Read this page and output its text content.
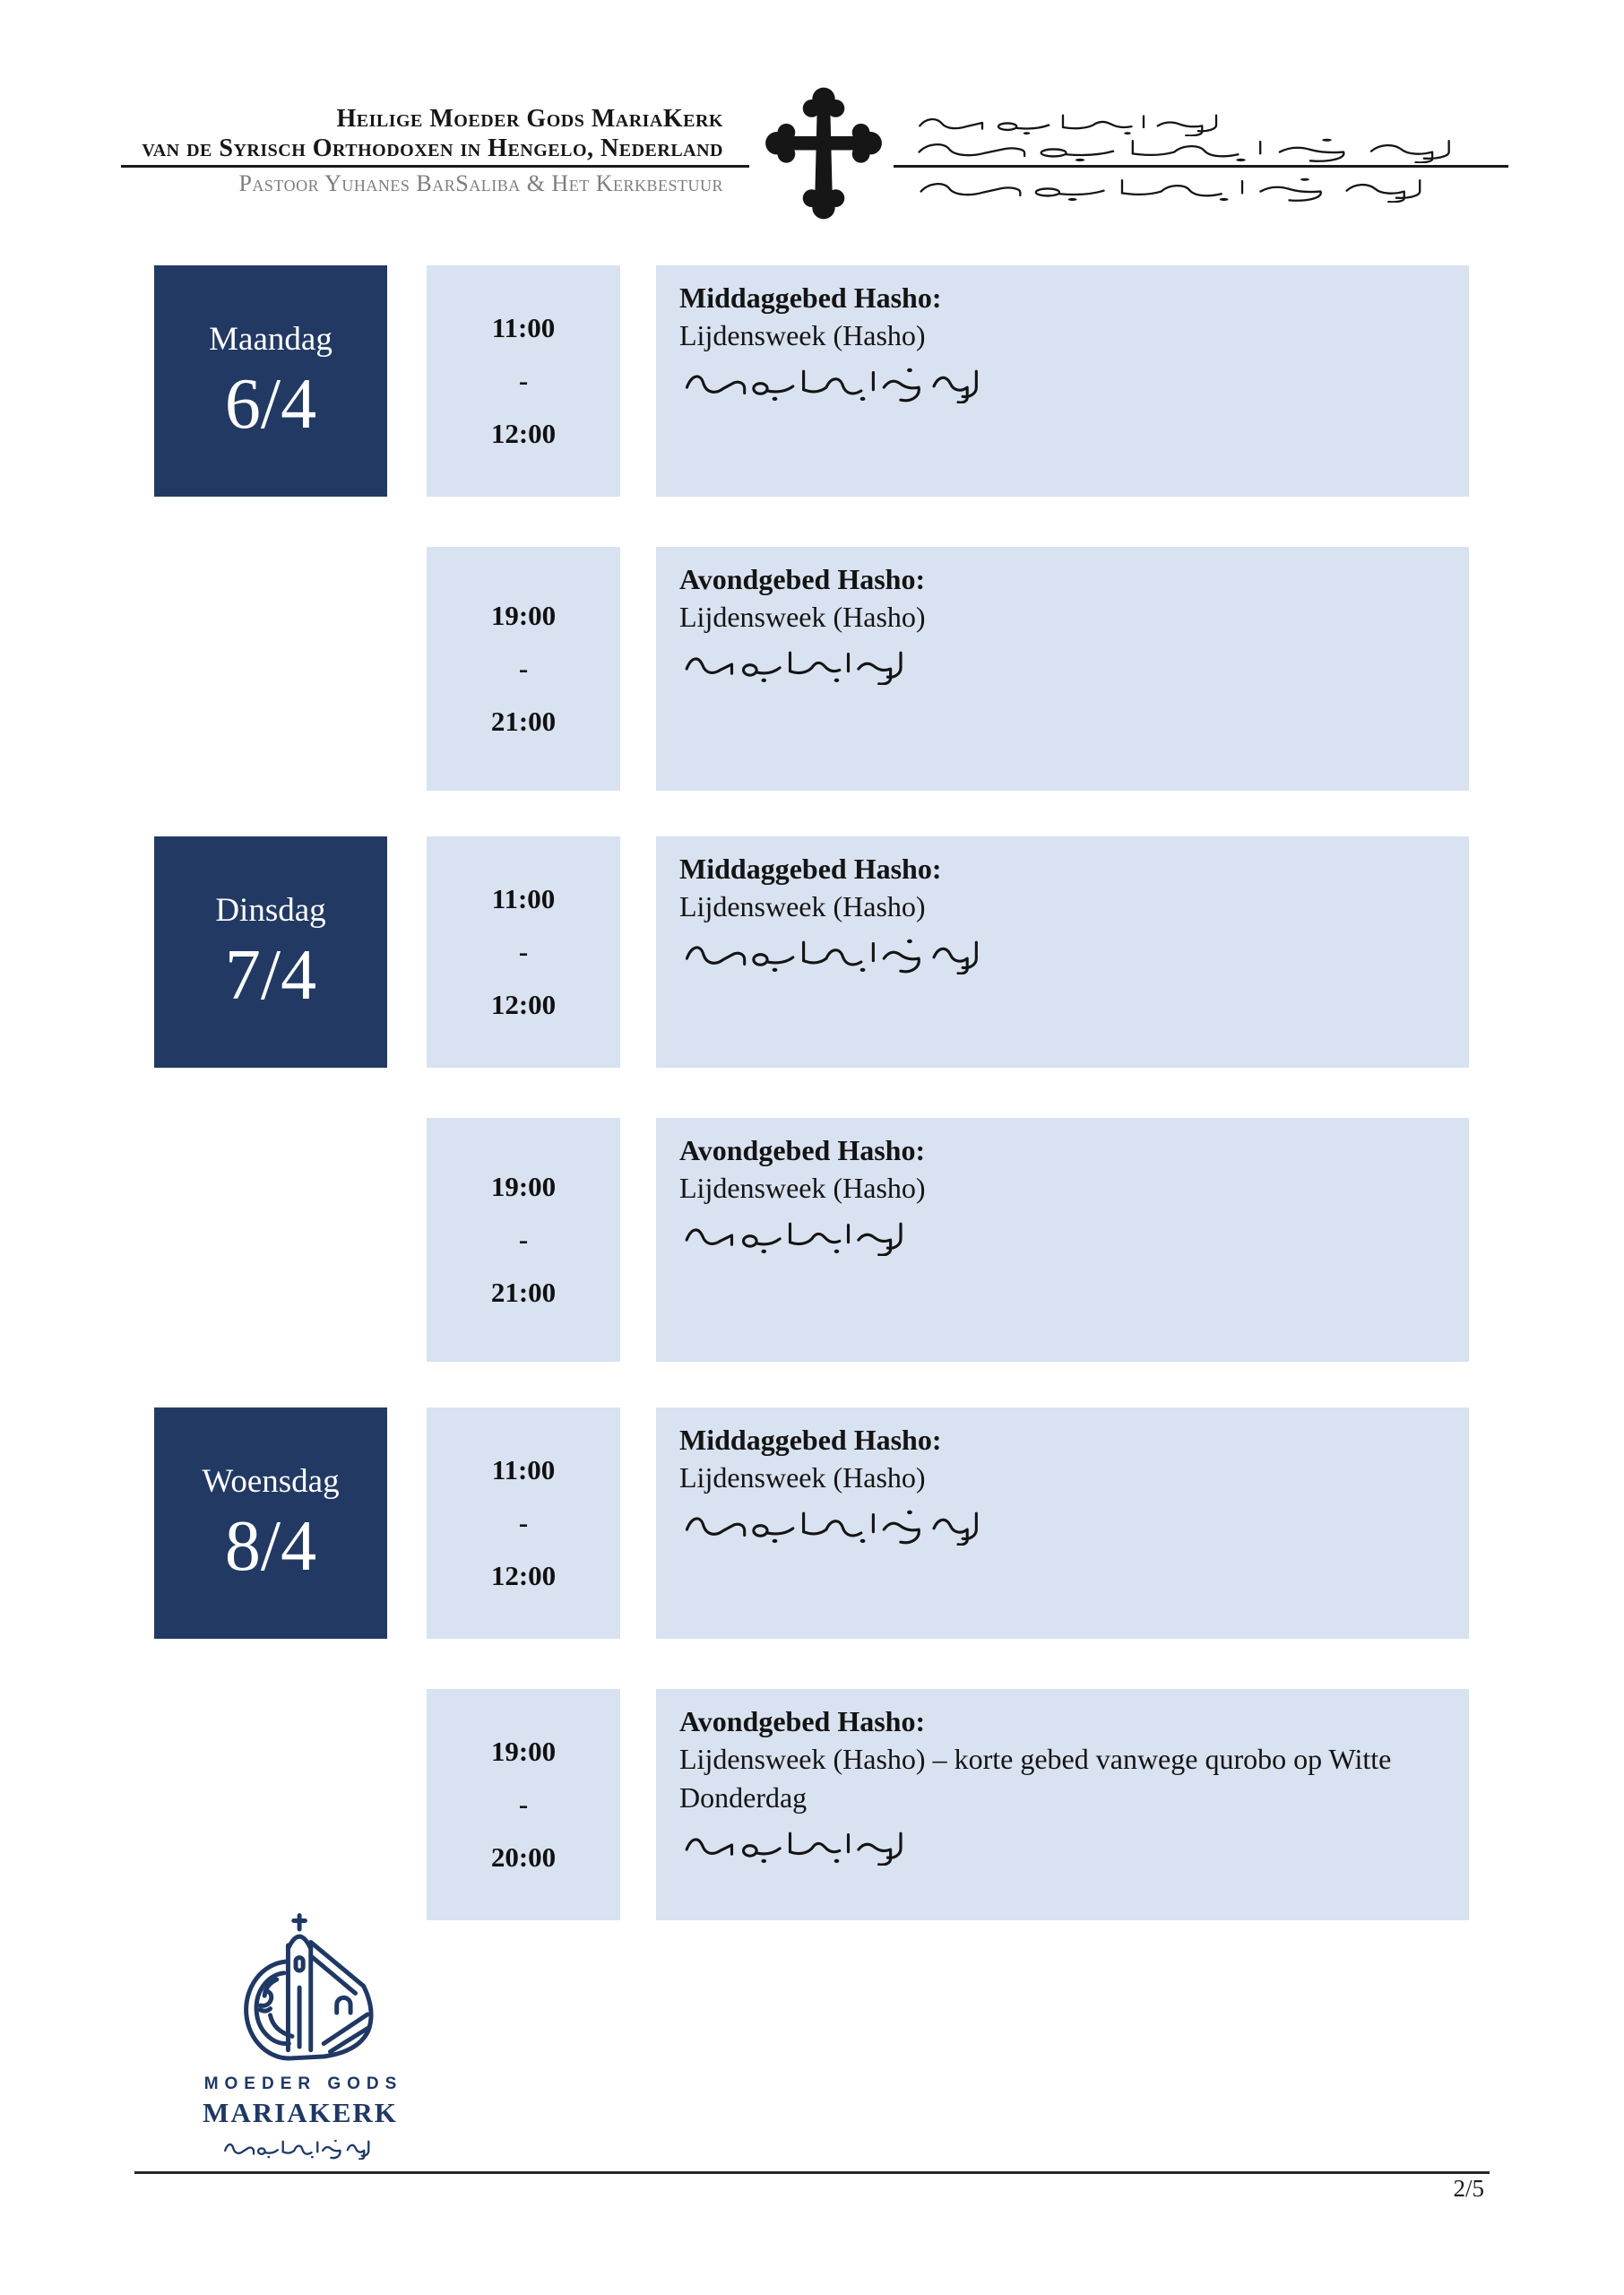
Heilige Moeder Gods MariaKerk
van de Syrisch Orthodoxen in Hengelo, Nederland
Pastoor Yuhanes BarSaliba & Het Kerkbestuur
Maandag
6/4
11:00
-
12:00
Middaggebed Hasho:
Lijdensweek (Hasho)
19:00
-
21:00
Avondgebed Hasho:
Lijdensweek (Hasho)
Dinsdag
7/4
11:00
-
12:00
Middaggebed Hasho:
Lijdensweek (Hasho)
19:00
-
21:00
Avondgebed Hasho:
Lijdensweek (Hasho)
Woensdag
8/4
11:00
-
12:00
Middaggebed Hasho:
Lijdensweek (Hasho)
19:00
-
20:00
Avondgebed Hasho:
Lijdensweek (Hasho) – korte gebed vanwege qurobo op Witte Donderdag
MOEDER GODS
MARIAKERK
2/5
